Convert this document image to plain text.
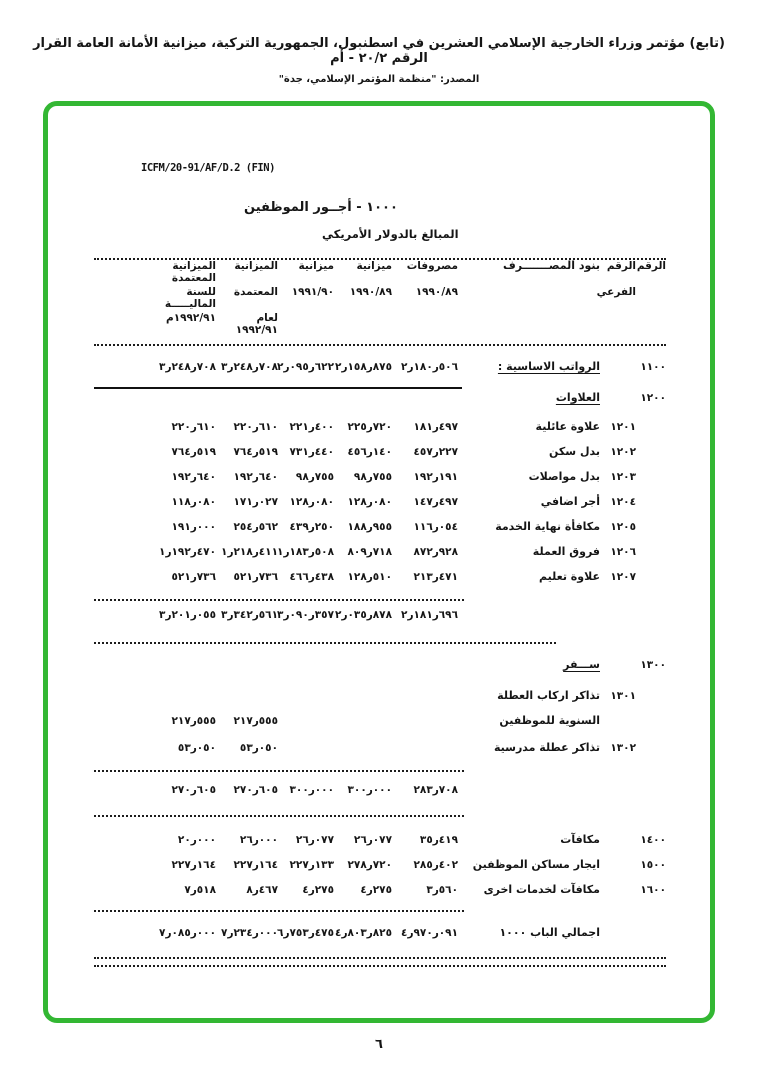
(تابع) مؤتمر وزراء الخارجية الإسلامي العشرين في اسطنبول، الجمهورية التركية، ميزانية الأمانة العامة القرار الرقم ٢٠/٢ - أم
المصدر: "منظمة المؤتمر الإسلامي، جدة"
ICFM/20-91/AF/D.2 (FIN)
١٠٠٠ - أجــور الموظفين
المبالغ بالدولار الأمريكي
الرقم
الرقم
بنود المصـــــــرف
مصروفات
ميزانية
ميزانية
الميزانية
الميزانية المعتمدة
الفرعي
١٩٩٠/٨٩
١٩٩٠/٨٩
١٩٩١/٩٠
المعتمدة
للسنة الماليـــــة
لعام ١٩٩٢/٩١
١٩٩٢/٩١م
١١٠٠
الرواتب الاساسية :
٢ر١٨٠ر٥٠٦
٢ر١٥٨ر٨٧٥
٢ر٠٩٥ر٦٢٢
٣ر٢٤٨ر٧٠٨
٣ر٢٤٨ر٧٠٨
١٢٠٠
العلاوات
١٢٠١
علاوة عائلية
١٨١ر٤٩٧
٢٢٥ر٧٢٠
٢٢١ر٤٠٠
٢٢٠ر٦١٠
٢٢٠ر٦١٠
١٢٠٢
بدل سكن
٤٥٧ر٢٢٧
٤٥٦ر١٤٠
٧٣١ر٤٤٠
٧٦٤ر٥١٩
٧٦٤ر٥١٩
١٢٠٣
بدل مواصلات
١٩٢ر١٩١
٩٨ر٧٥٥
٩٨ر٧٥٥
١٩٢ر٦٤٠
١٩٢ر٦٤٠
١٢٠٤
أجر اضافي
١٤٧ر٤٩٧
١٢٨ر٠٨٠
١٢٨ر٠٨٠
١٧١ر٠٢٧
١١٨ر٠٨٠
١٢٠٥
مكافأة نهاية الخدمة
١١٦ر٠٥٤
١٨٨ر٩٥٥
٤٣٩ر٢٥٠
٢٥٤ر٥٦٢
١٩١ر٠٠٠
١٢٠٦
فروق العملة
٨٧٢ر٩٢٨
٨٠٩ر٧١٨
١ر١٨٣ر٥٠٨
١ر٢١٨ر٤١١
١ر١٩٢ر٤٧٠
١٢٠٧
علاوة تعليم
٢١٣ر٤٧١
١٢٨ر٥١٠
٤٦٦ر٤٣٨
٥٢١ر٧٣٦
٥٢١ر٧٣٦
٢ر١٨١ر٦٩٦
٢ر٠٣٥ر٨٧٨
٣ر٠٩٠ر٣٥٧
٣ر٣٤٢ر٥٦١
٣ر٢٠١ر٠٥٥
١٣٠٠
ســـفر
١٣٠١
تذاكر اركاب العطلة
السنوية للموظفين
٢١٧ر٥٥٥
٢١٧ر٥٥٥
١٣٠٢
تذاكر عطلة مدرسية
٥٣ر٠٥٠
٥٣ر٠٥٠
٢٨٣ر٧٠٨
٣٠٠ر٠٠٠
٣٠٠ر٠٠٠
٢٧٠ر٦٠٥
٢٧٠ر٦٠٥
١٤٠٠
مكافآت
٣٥ر٤١٩
٢٦ر٠٧٧
٢٦ر٠٧٧
٢٦ر٠٠٠
٢٠ر٠٠٠
١٥٠٠
ايجار مساكن الموظفين
٢٨٥ر٤٠٢
٢٧٨ر٧٢٠
٢٢٧ر١٣٣
٢٢٧ر١٦٤
٢٢٧ر١٦٤
١٦٠٠
مكافآت لخدمات اخرى
٣ر٥٦٠
٤ر٢٧٥
٤ر٢٧٥
٨ر٤٦٧
٧ر٥١٨
اجمالي الباب ١٠٠٠
٤ر٩٧٠ر٠٩١
٤ر٨٠٣ر٨٢٥
٦ر٧٥٣ر٤٧٥
٧ر٢٣٤ر٠٠٠
٧ر٠٨٥ر٠٠٠
٦
